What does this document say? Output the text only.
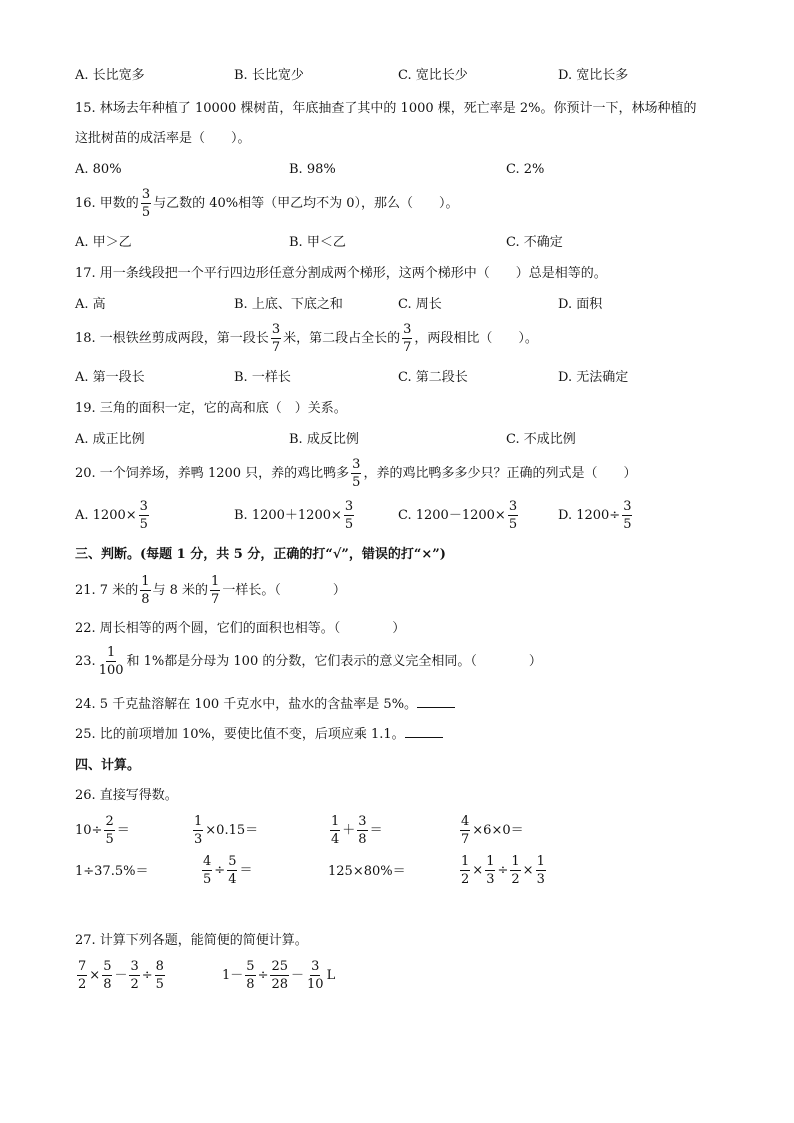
A. 长比宽多	B. 长比宽少	C. 宽比长少	D. 宽比长多
15. 林场去年种植了 10000 棵树苗，年底抽查了其中的 1000 棵，死亡率是 2%。你预计一下，林场种植的
这批树苗的成活率是（　　）。
A. 80%	B. 98%	C. 2%
16. 甲数的 $\frac{3}{5}$ 与乙数的 40%相等（甲乙均不为 0），那么（　　）。
A. 甲＞乙	B. 甲＜乙	C. 不确定
17. 用一条线段把一个平行四边形任意分割成两个梯形，这两个梯形中（　　）总是相等的。
A. 高	B. 上底、下底之和	C. 周长	D. 面积
18. 一根铁丝剪成两段，第一段长 $\frac{3}{7}$ 米，第二段占全长的 $\frac{3}{7}$ ，两段相比（　　）。
A. 第一段长	B. 一样长	C. 第二段长	D. 无法确定
19. 三角的面积一定，它的高和底（　）关系。
A. 成正比例	B. 成反比例	C. 不成比例
20. 一个饲养场，养鸭 1200 只，养的鸡比鸭多 $\frac{3}{5}$ ，养的鸡比鸭多多少只？正确的列式是（　　）
A. $1200\times \frac{3}{5}$	B. $1200+1200\times \frac{3}{5}$	C. $1200-1200\times \frac{3}{5}$	D. $1200\div \frac{3}{5}$
三、判断。(每题 1 分，共 5 分，正确的打“√”，错误的打“×”)
21. 7 米的 $\frac{1}{8}$ 与 8 米的 $\frac{1}{7}$ 一样长。（　　　　）
22. 周长相等的两个圆，它们的面积也相等。（　　　　）
23. $\frac{1}{100}$ 和 1%都是分母为 100 的分数，它们表示的意义完全相同。（　　　　）
24. 5 千克盐溶解在 100 千克水中，盐水的含盐率是 5%。
25. 比的前项增加 10%，要使比值不变，后项应乘 1.1。
四、计算。
26. 直接写得数。
$10\div \frac{2}{5}$ ＝	$\frac{1}{3} \times 0.15=$	$\frac{1}{4} + \frac{3}{8}$ ＝	$\frac{4}{7} \times 6\times 0=$
1÷37.5%＝	$\frac{4}{5} \div \frac{5}{4}$ ＝	125×80%＝	$\frac{1}{2} \times \frac{1}{3} \div \frac{1}{2} \times \frac{1}{3}$
27. 计算下列各题，能简便的简便计算。
$\frac{7}{2} \times \frac{5}{8} - \frac{3}{2} \div \frac{8}{5}$	$1- \frac{5}{8} \div \frac{25}{28} - \frac{3}{10}$ L
